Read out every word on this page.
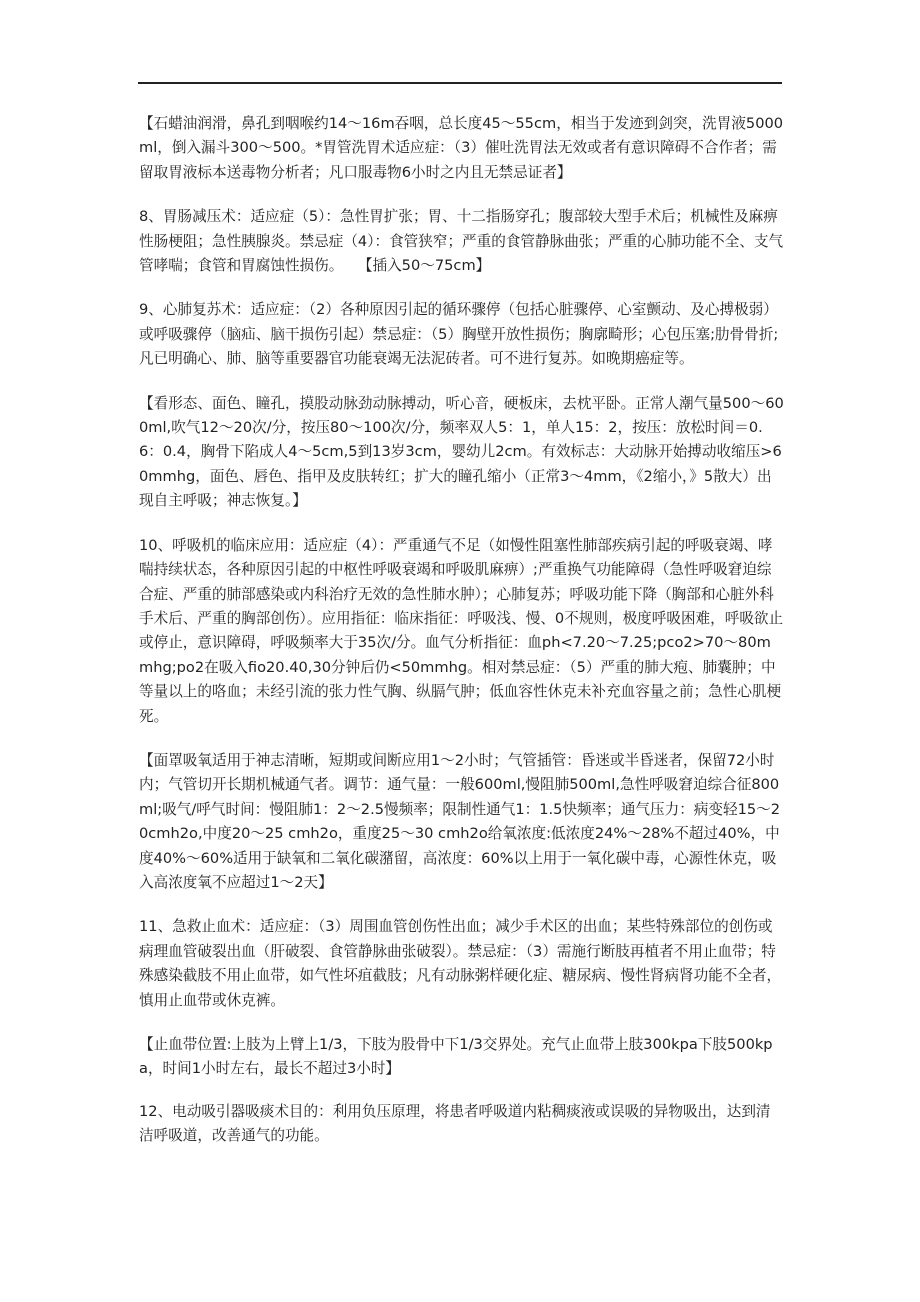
【石蜡油润滑，鼻孔到咽喉约14～16m吞咽，总长度45～55cm，相当于发迹到剑突，洗胃液5000ml，倒入漏斗300～500。*胃管洗胃术适应症：（3）催吐洗胃法无效或者有意识障碍不合作者；需留取胃液标本送毒物分析者；凡口服毒物6小时之内且无禁忌证者】

8、胃肠减压术：适应症（5）：急性胃扩张；胃、十二指肠穿孔；腹部较大型手术后；机械性及麻痹性肠梗阻；急性胰腺炎。禁忌症（4）：食管狭窄；严重的食管静脉曲张；严重的心肺功能不全、支气管哮喘；食管和胃腐蚀性损伤。　　【插入50～75cm】

9、心肺复苏术：适应症：（2）各种原因引起的循环骤停（包括心脏骤停、心室颤动、及心搏极弱）或呼吸骤停（脑疝、脑干损伤引起）禁忌症：（5）胸壁开放性损伤；胸廓畸形；心包压塞;肋骨骨折;凡已明确心、肺、脑等重要器官功能衰竭无法泥砖者。可不进行复苏。如晚期癌症等。

【看形态、面色、瞳孔，摸股动脉劲动脉搏动，听心音，硬板床，去枕平卧。正常人潮气量500～600ml,吹气12～20次/分，按压80～100次/分，频率双人5：1，单人15：2，按压：放松时间＝0.6：0.4，胸骨下陷成人4～5cm,5到13岁3cm，婴幼儿2cm。有效标志：大动脉开始搏动收缩压>60mmhg，面色、唇色、指甲及皮肤转红；扩大的瞳孔缩小（正常3～4mm，《2缩小，》5散大）出现自主呼吸；神志恢复。】

10、呼吸机的临床应用：适应症（4）：严重通气不足（如慢性阻塞性肺部疾病引起的呼吸衰竭、哮喘持续状态，各种原因引起的中枢性呼吸衰竭和呼吸肌麻痹）;严重换气功能障碍（急性呼吸窘迫综合症、严重的肺部感染或内科治疗无效的急性肺水肿）；心肺复苏；呼吸功能下降（胸部和心脏外科手术后、严重的胸部创伤）。应用指征：临床指征：呼吸浅、慢、0不规则，极度呼吸困难，呼吸欲止或停止，意识障碍，呼吸频率大于35次/分。血气分析指征：血ph<7.20～7.25;pco2>70～80mmhg;po2在吸入fio20.40,30分钟后仍<50mmhg。相对禁忌症：（5）严重的肺大疱、肺囊肿；中等量以上的咯血；未经引流的张力性气胸、纵膈气肿；低血容性休克未补充血容量之前；急性心肌梗死。

【面罩吸氧适用于神志清晰，短期或间断应用1～2小时；气管插管：昏迷或半昏迷者，保留72小时内；气管切开长期机械通气者。调节：通气量：一般600ml,慢阻肺500ml,急性呼吸窘迫综合征800ml;吸气/呼气时间：慢阻肺1：2～2.5慢频率；限制性通气1：1.5快频率；通气压力：病变轻15～20cmh2o,中度20～25 cmh2o，重度25～30 cmh2o给氧浓度:低浓度24%～28%不超过40%，中度40%～60%适用于缺氧和二氧化碳潴留，高浓度：60%以上用于一氧化碳中毒，心源性休克，吸入高浓度氧不应超过1～2天】

11、急救止血术：适应症：（3）周围血管创伤性出血；减少手术区的出血；某些特殊部位的创伤或病理血管破裂出血（肝破裂、食管静脉曲张破裂）。禁忌症：（3）需施行断肢再植者不用止血带；特殊感染截肢不用止血带，如气性坏疽截肢；凡有动脉粥样硬化症、糖尿病、慢性肾病肾功能不全者，慎用止血带或休克裤。

【止血带位置:上肢为上臂上1/3，下肢为股骨中下1/3交界处。充气止血带上肢300kpa下肢500kpa，时间1小时左右，最长不超过3小时】

12、电动吸引器吸痰术目的：利用负压原理，将患者呼吸道内粘稠痰液或误吸的异物吸出，达到清洁呼吸道，改善通气的功能。
